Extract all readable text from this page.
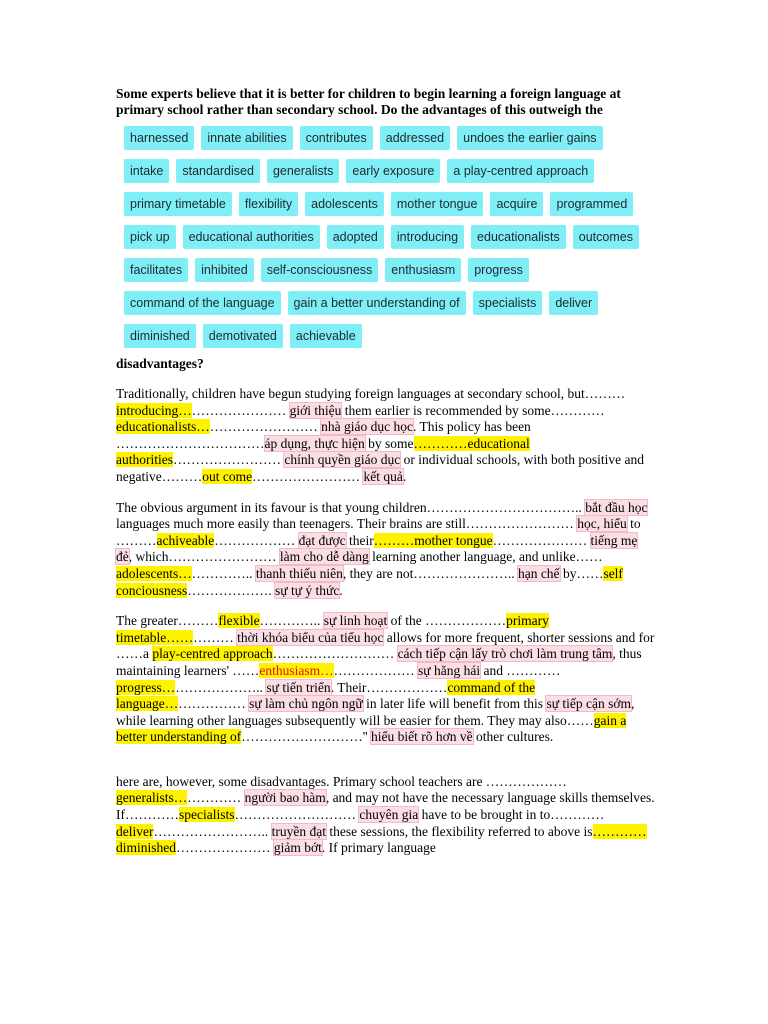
Some experts believe that it is better for children to begin learning a foreign language at primary school rather than secondary school. Do the advantages of this outweigh the

harnessed	innate abilities	contributes	addressed	undoes the earlier gains
intake	standardised	generalists	early exposure	a play-centred approach
primary timetable	flexibility	adolescents	mother tongue	acquire	programmed
pick up	educational authorities	adopted	introducing	educationalists	outcomes
facilitates	inhibited	self-consciousness	enthusiasm	progress
command of the language	gain a better understanding of	specialists	deliver
diminished	demotivated	achievable

disadvantages?

Traditionally, children have begun studying foreign languages at secondary school, but………introducing…………………… giới thiệu them earlier is recommended by some…………educationalists……………………… nhà giáo dục học. This policy has been ……………………………áp dụng, thực hiện by some…………educational authorities…………………… chính quyền giáo dục or individual schools, with both positive and negative………out come…………………… kết quả.

The obvious argument in its favour is that young children…………………………….. bắt đầu học languages much more easily than teenagers. Their brains are still…………………… học, hiểu to ………achiveable……………… đạt được their………mother tongue………………… tiếng mẹ đẻ, which…………………… làm cho dễ dàng learning another language, and unlike…… adolescents…………….. thanh thiếu niên, they are not………………….. hạn chế by……self conciousness………………. sự tự ý thức.

The greater………flexible………….. sự linh hoạt of the ………………primary timetable…………… thời khóa biểu của tiểu học allows for more frequent, shorter sessions and for ……a play-centred approach……………………… cách tiếp cận lấy trò chơi làm trung tâm, thus maintaining learners' ……enthusiasm………………… sự hăng hái and …………progress………………….. sự tiến triển. Their………………command of the language……………… sự làm chủ ngôn ngữ in later life will benefit from this sự tiếp cận sớm, while learning other languages subsequently will be easier for them. They may also……gain a better understanding of………………………'' hiểu biết rõ hơn về other cultures.

here are, however, some disadvantages. Primary school teachers are ……………… generalists…………… người bao hàm, and may not have the necessary language skills themselves. If…………specialists……………………… chuyên gia have to be brought in to…………deliver…………………….. truyền đạt these sessions, the flexibility referred to above is…………diminished………………… giảm bớt. If primary language
